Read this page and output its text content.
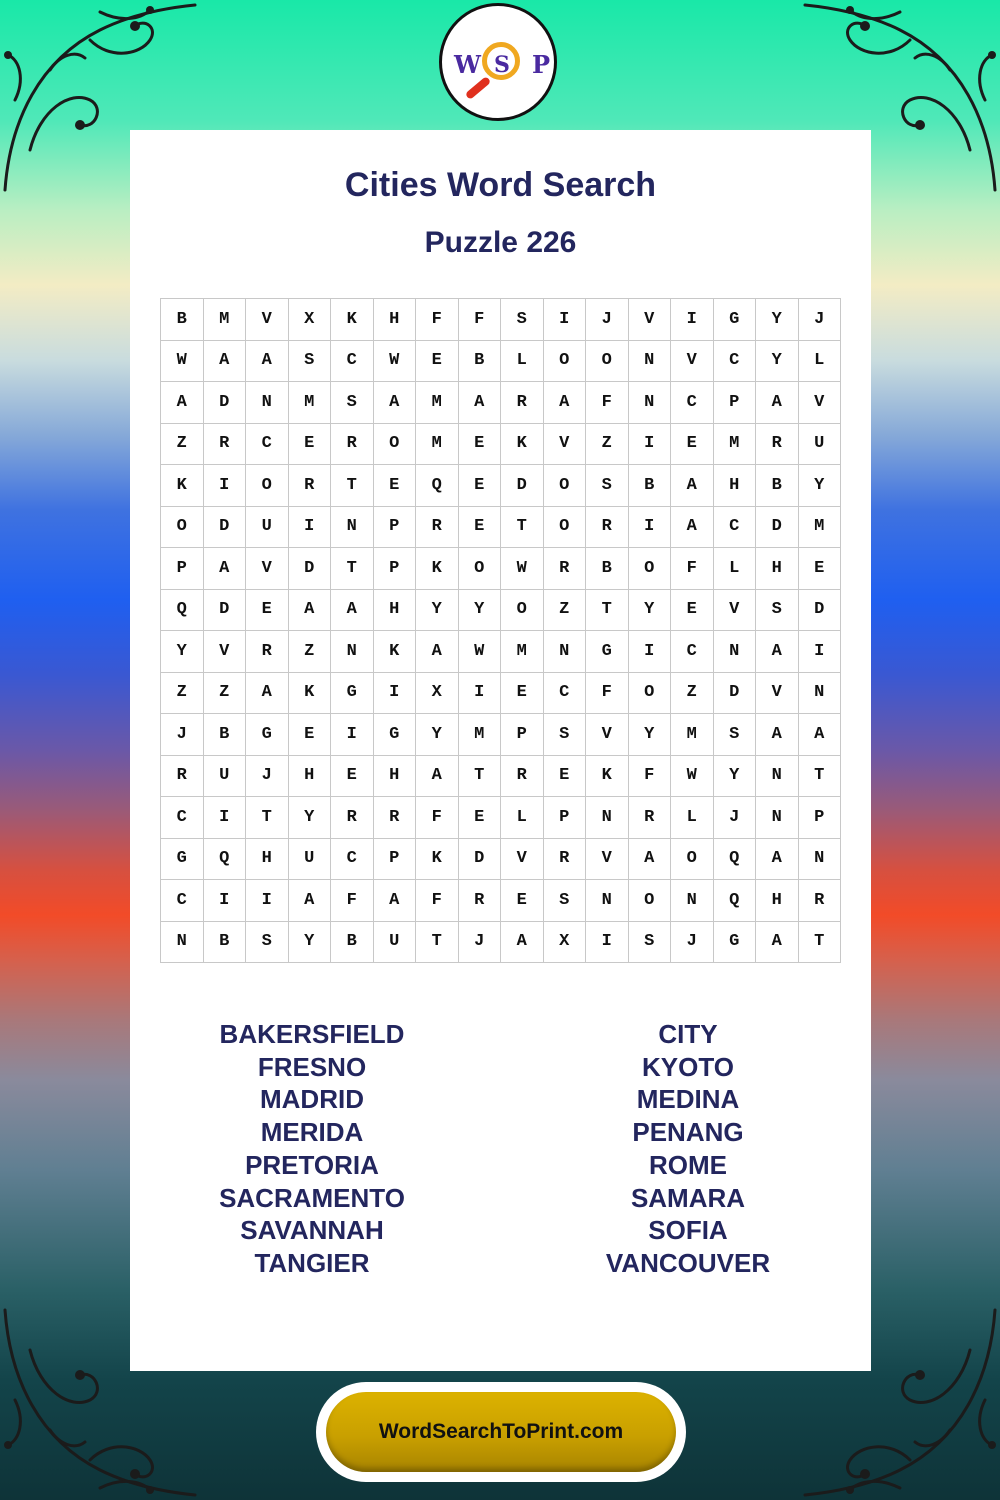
W S P
Cities Word Search
Puzzle 226
B	M	V	X	K	H	F	F	S	I	J	V	I	G	Y	J
W	A	A	S	C	W	E	B	L	O	O	N	V	C	Y	L
A	D	N	M	S	A	M	A	R	A	F	N	C	P	A	V
Z	R	C	E	R	O	M	E	K	V	Z	I	E	M	R	U
K	I	O	R	T	E	Q	E	D	O	S	B	A	H	B	Y
O	D	U	I	N	P	R	E	T	O	R	I	A	C	D	M
P	A	V	D	T	P	K	O	W	R	B	O	F	L	H	E
Q	D	E	A	A	H	Y	Y	O	Z	T	Y	E	V	S	D
Y	V	R	Z	N	K	A	W	M	N	G	I	C	N	A	I
Z	Z	A	K	G	I	X	I	E	C	F	O	Z	D	V	N
J	B	G	E	I	G	Y	M	P	S	V	Y	M	S	A	A
R	U	J	H	E	H	A	T	R	E	K	F	W	Y	N	T
C	I	T	Y	R	R	F	E	L	P	N	R	L	J	N	P
G	Q	H	U	C	P	K	D	V	R	V	A	O	Q	A	N
C	I	I	A	F	A	F	R	E	S	N	O	N	Q	H	R
N	B	S	Y	B	U	T	J	A	X	I	S	J	G	A	T
BAKERSFIELD
FRESNO
MADRID
MERIDA
PRETORIA
SACRAMENTO
SAVANNAH
TANGIER
CITY
KYOTO
MEDINA
PENANG
ROME
SAMARA
SOFIA
VANCOUVER
WordSearchToPrint.com
